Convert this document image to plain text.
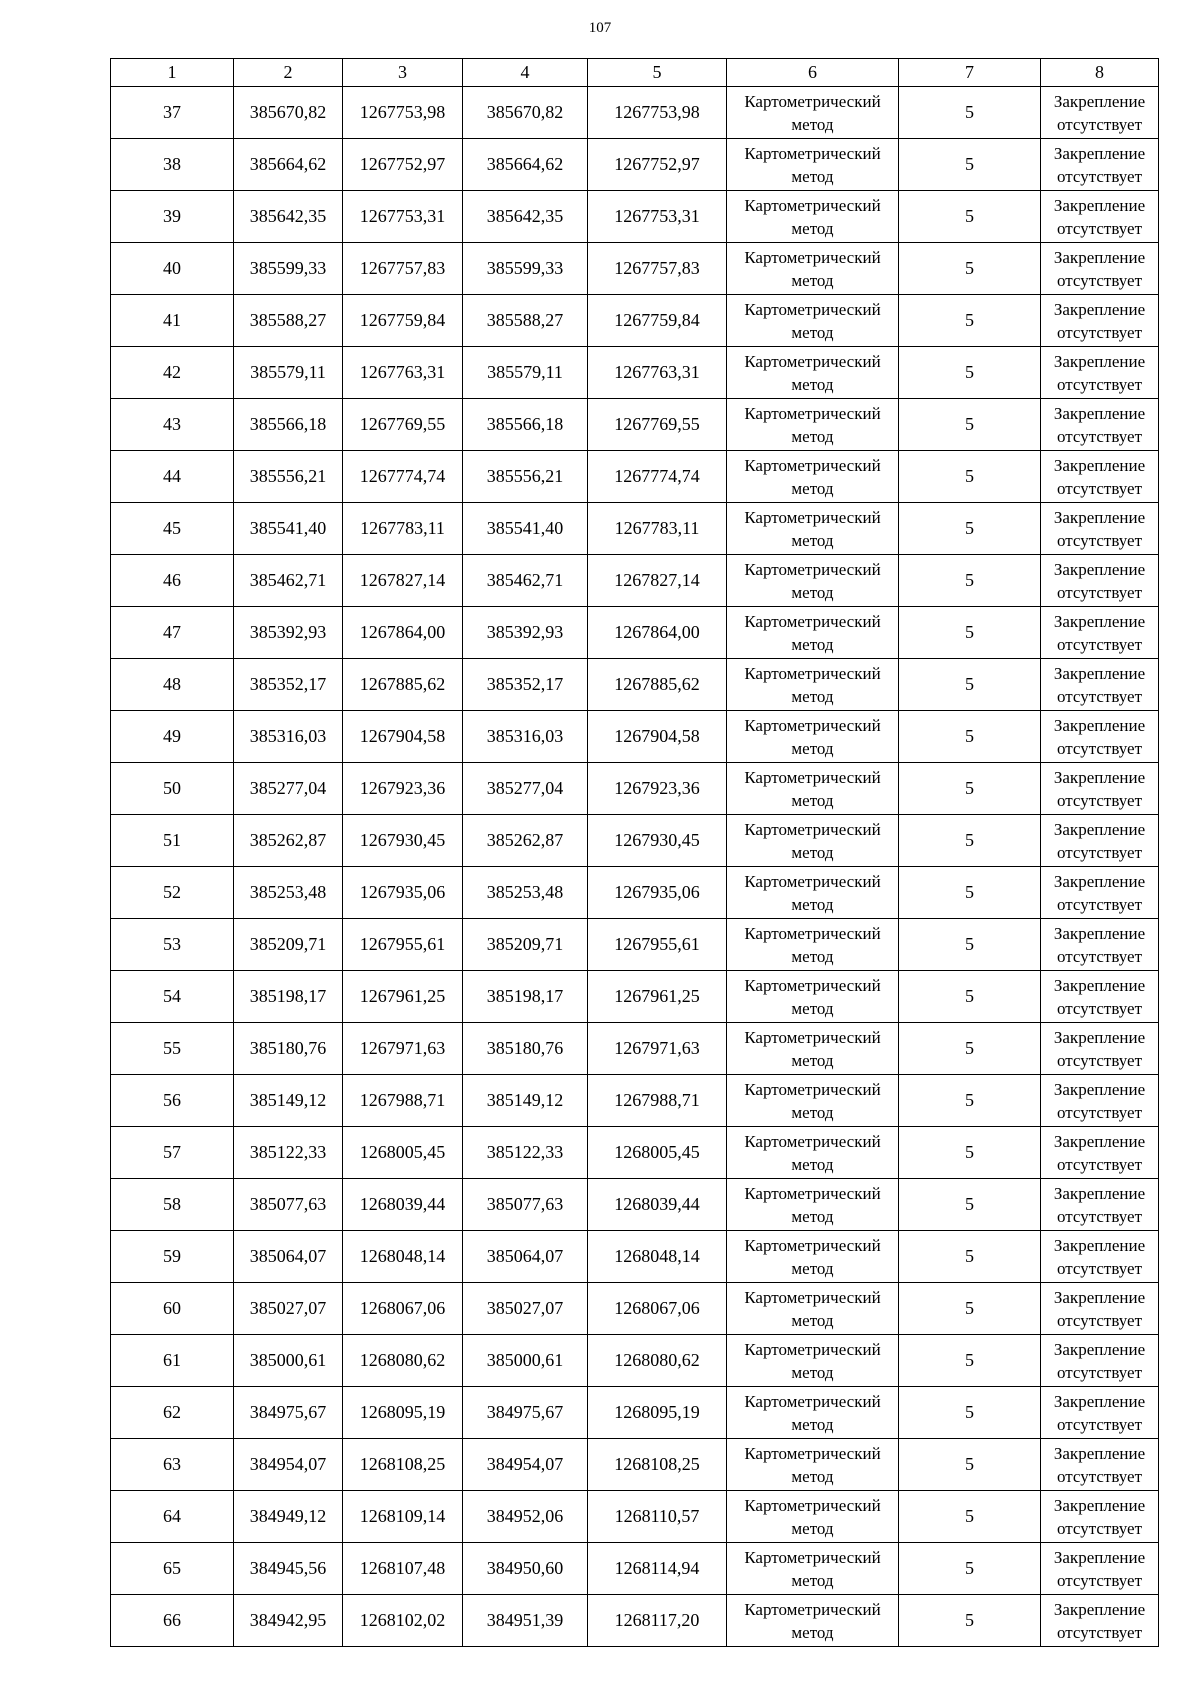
107
1	2	3	4	5	6	7	8
37	385670,82	1267753,98	385670,82	1267753,98	Картометрический метод	5	Закрепление отсутствует
38	385664,62	1267752,97	385664,62	1267752,97	Картометрический метод	5	Закрепление отсутствует
39	385642,35	1267753,31	385642,35	1267753,31	Картометрический метод	5	Закрепление отсутствует
40	385599,33	1267757,83	385599,33	1267757,83	Картометрический метод	5	Закрепление отсутствует
41	385588,27	1267759,84	385588,27	1267759,84	Картометрический метод	5	Закрепление отсутствует
42	385579,11	1267763,31	385579,11	1267763,31	Картометрический метод	5	Закрепление отсутствует
43	385566,18	1267769,55	385566,18	1267769,55	Картометрический метод	5	Закрепление отсутствует
44	385556,21	1267774,74	385556,21	1267774,74	Картометрический метод	5	Закрепление отсутствует
45	385541,40	1267783,11	385541,40	1267783,11	Картометрический метод	5	Закрепление отсутствует
46	385462,71	1267827,14	385462,71	1267827,14	Картометрический метод	5	Закрепление отсутствует
47	385392,93	1267864,00	385392,93	1267864,00	Картометрический метод	5	Закрепление отсутствует
48	385352,17	1267885,62	385352,17	1267885,62	Картометрический метод	5	Закрепление отсутствует
49	385316,03	1267904,58	385316,03	1267904,58	Картометрический метод	5	Закрепление отсутствует
50	385277,04	1267923,36	385277,04	1267923,36	Картометрический метод	5	Закрепление отсутствует
51	385262,87	1267930,45	385262,87	1267930,45	Картометрический метод	5	Закрепление отсутствует
52	385253,48	1267935,06	385253,48	1267935,06	Картометрический метод	5	Закрепление отсутствует
53	385209,71	1267955,61	385209,71	1267955,61	Картометрический метод	5	Закрепление отсутствует
54	385198,17	1267961,25	385198,17	1267961,25	Картометрический метод	5	Закрепление отсутствует
55	385180,76	1267971,63	385180,76	1267971,63	Картометрический метод	5	Закрепление отсутствует
56	385149,12	1267988,71	385149,12	1267988,71	Картометрический метод	5	Закрепление отсутствует
57	385122,33	1268005,45	385122,33	1268005,45	Картометрический метод	5	Закрепление отсутствует
58	385077,63	1268039,44	385077,63	1268039,44	Картометрический метод	5	Закрепление отсутствует
59	385064,07	1268048,14	385064,07	1268048,14	Картометрический метод	5	Закрепление отсутствует
60	385027,07	1268067,06	385027,07	1268067,06	Картометрический метод	5	Закрепление отсутствует
61	385000,61	1268080,62	385000,61	1268080,62	Картометрический метод	5	Закрепление отсутствует
62	384975,67	1268095,19	384975,67	1268095,19	Картометрический метод	5	Закрепление отсутствует
63	384954,07	1268108,25	384954,07	1268108,25	Картометрический метод	5	Закрепление отсутствует
64	384949,12	1268109,14	384952,06	1268110,57	Картометрический метод	5	Закрепление отсутствует
65	384945,56	1268107,48	384950,60	1268114,94	Картометрический метод	5	Закрепление отсутствует
66	384942,95	1268102,02	384951,39	1268117,20	Картометрический метод	5	Закрепление отсутствует
